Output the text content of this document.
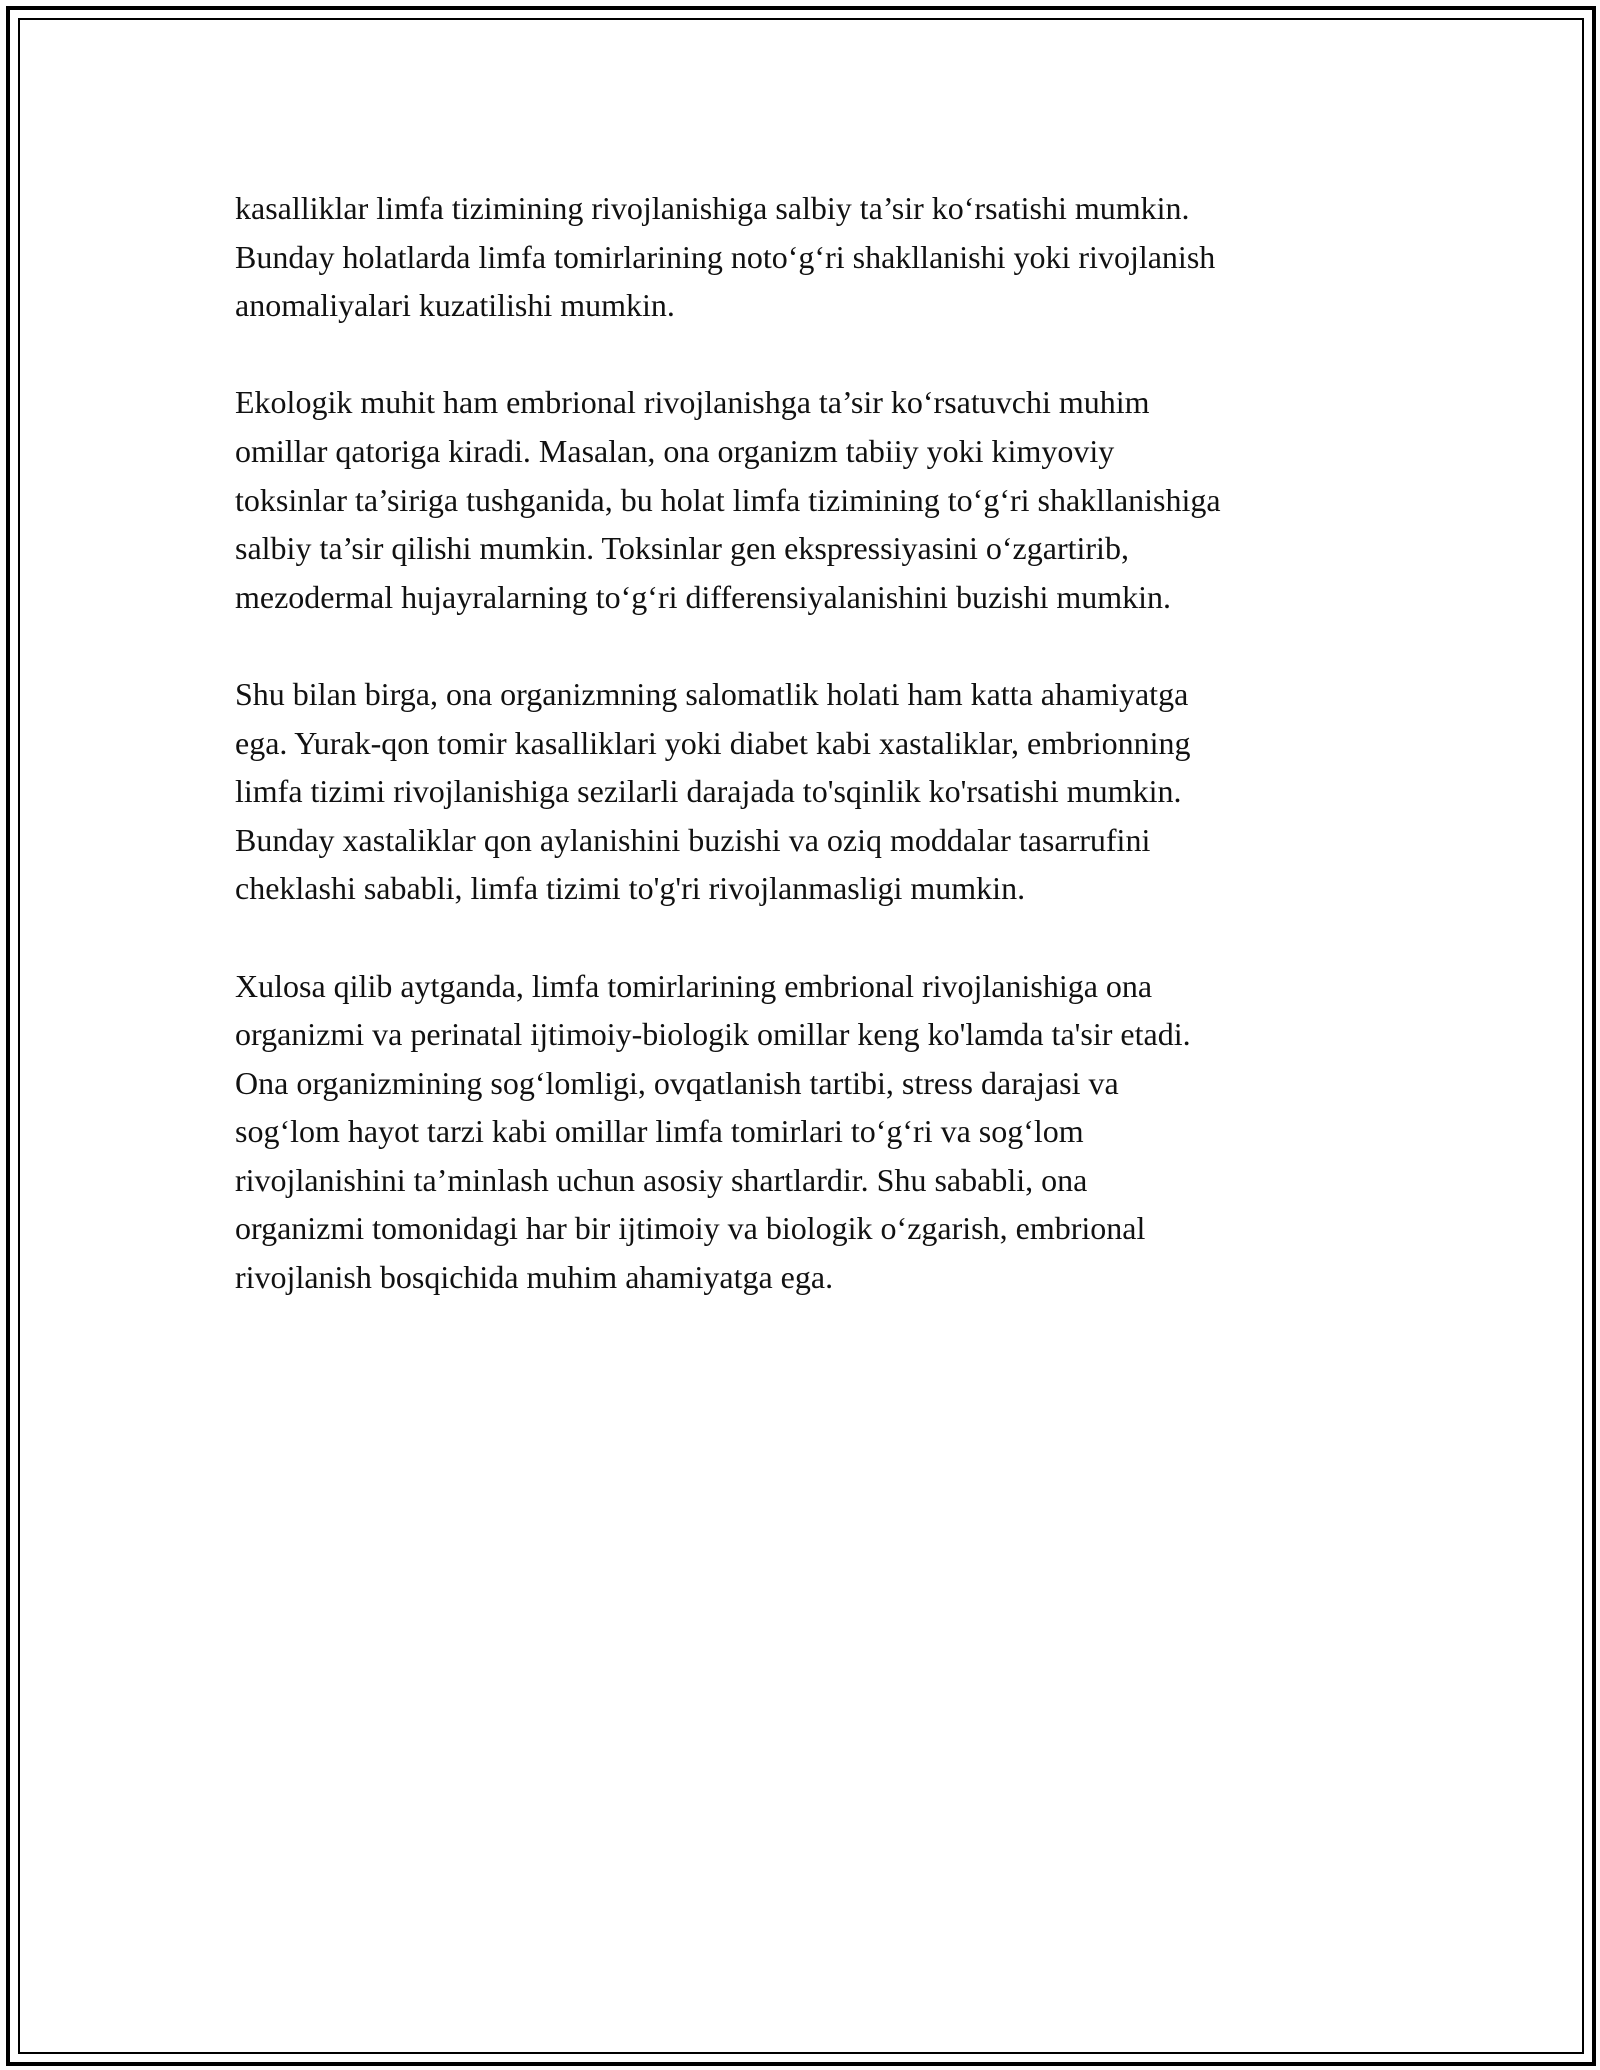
kasalliklar limfa tizimining rivojlanishiga salbiy ta’sir ko‘rsatishi mumkin.
Bunday holatlarda limfa tomirlarining noto‘g‘ri shakllanishi yoki rivojlanish
anomaliyalari kuzatilishi mumkin.

Ekologik muhit ham embrional rivojlanishga ta’sir ko‘rsatuvchi muhim
omillar qatoriga kiradi. Masalan, ona organizm tabiiy yoki kimyoviy
toksinlar ta’siriga tushganida, bu holat limfa tizimining to‘g‘ri shakllanishiga
salbiy ta’sir qilishi mumkin. Toksinlar gen ekspressiyasini o‘zgartirib,
mezodermal hujayralarning to‘g‘ri differensiyalanishini buzishi mumkin.

Shu bilan birga, ona organizmning salomatlik holati ham katta ahamiyatga
ega. Yurak-qon tomir kasalliklari yoki diabet kabi xastaliklar, embrionning
limfa tizimi rivojlanishiga sezilarli darajada to'sqinlik ko'rsatishi mumkin.
Bunday xastaliklar qon aylanishini buzishi va oziq moddalar tasarrufini
cheklashi sababli, limfa tizimi to'g'ri rivojlanmasligi mumkin.

Xulosa qilib aytganda, limfa tomirlarining embrional rivojlanishiga ona
organizmi va perinatal ijtimoiy-biologik omillar keng ko'lamda ta'sir etadi.
Ona organizmining sog‘lomligi, ovqatlanish tartibi, stress darajasi va
sog‘lom hayot tarzi kabi omillar limfa tomirlari to‘g‘ri va sog‘lom
rivojlanishini ta’minlash uchun asosiy shartlardir. Shu sababli, ona
organizmi tomonidagi har bir ijtimoiy va biologik o‘zgarish, embrional
rivojlanish bosqichida muhim ahamiyatga ega.
